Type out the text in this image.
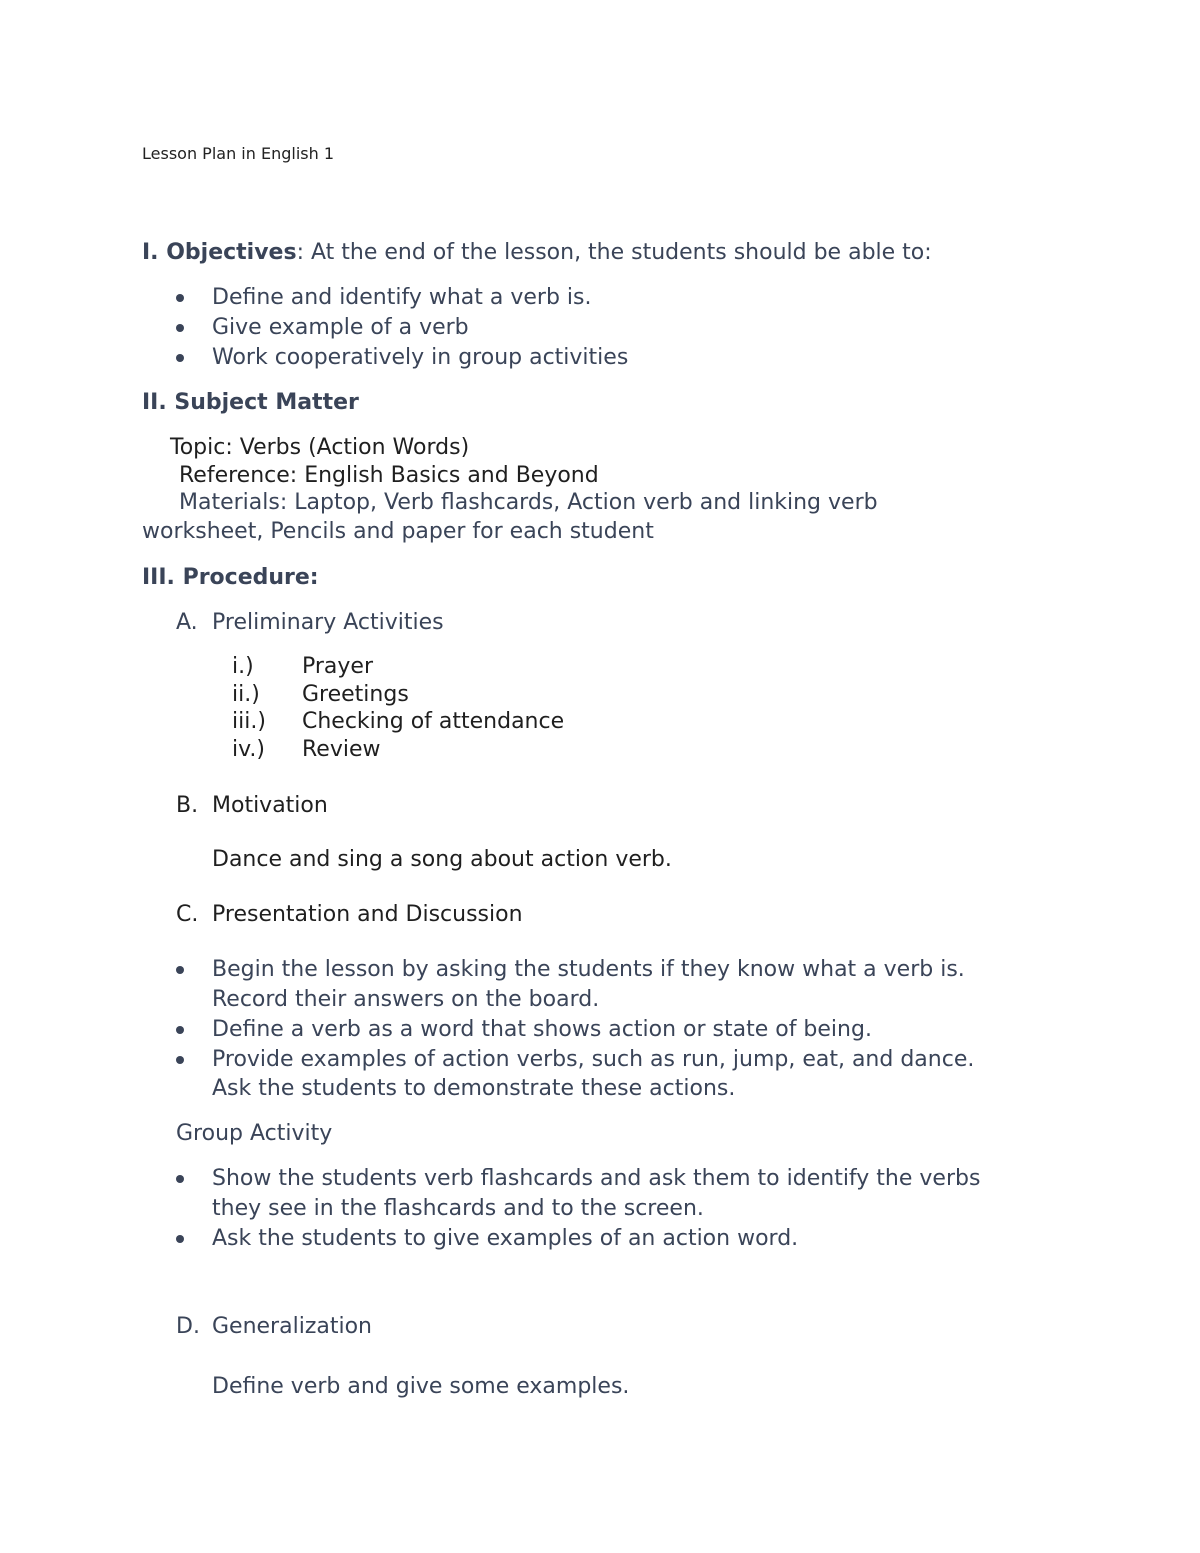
Lesson Plan in English 1
I. Objectives: At the end of the lesson, the students should be able to:
Define and identify what a verb is.
Give example of a verb
Work cooperatively in group activities
II. Subject Matter
Topic: Verbs (Action Words)
Reference: English Basics and Beyond
Materials: Laptop, Verb flashcards, Action verb and linking verb
worksheet, Pencils and paper for each student
III. Procedure:
A. Preliminary Activities
i.) Prayer
ii.) Greetings
iii.) Checking of attendance
iv.) Review
B. Motivation
Dance and sing a song about action verb.
C. Presentation and Discussion
Begin the lesson by asking the students if they know what a verb is.
Record their answers on the board.
Define a verb as a word that shows action or state of being.
Provide examples of action verbs, such as run, jump, eat, and dance.
Ask the students to demonstrate these actions.
Group Activity
Show the students verb flashcards and ask them to identify the verbs
they see in the flashcards and to the screen.
Ask the students to give examples of an action word.
D. Generalization
Define verb and give some examples.
